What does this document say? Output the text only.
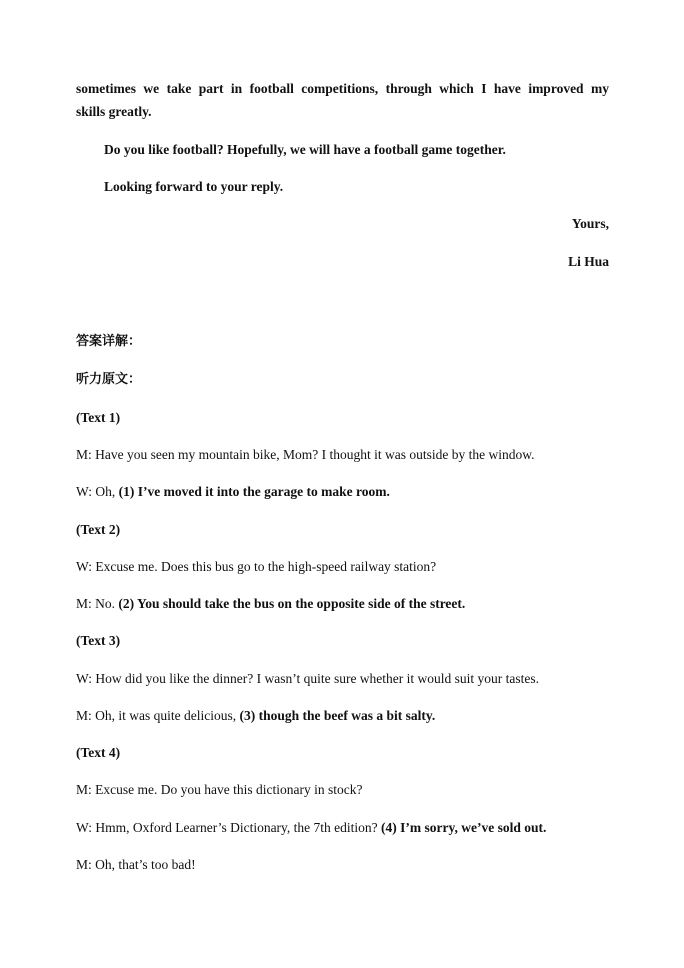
sometimes we take part in football competitions, through which I have improved my
skills greatly.
Do you like football? Hopefully, we will have a football game together.
Looking forward to your reply.
Yours,
Li Hua
答案详解：
听力原文：
(Text 1)
M: Have you seen my mountain bike, Mom? I thought it was outside by the window.
W: Oh, (1) I’ve moved it into the garage to make room.
(Text 2)
W: Excuse me. Does this bus go to the high-speed railway station?
M: No. (2) You should take the bus on the opposite side of the street.
(Text 3)
W: How did you like the dinner? I wasn’t quite sure whether it would suit your tastes.
M: Oh, it was quite delicious, (3) though the beef was a bit salty.
(Text 4)
M: Excuse me. Do you have this dictionary in stock?
W: Hmm, Oxford Learner’s Dictionary, the 7th edition? (4) I’m sorry, we’ve sold out.
M: Oh, that’s too bad!
